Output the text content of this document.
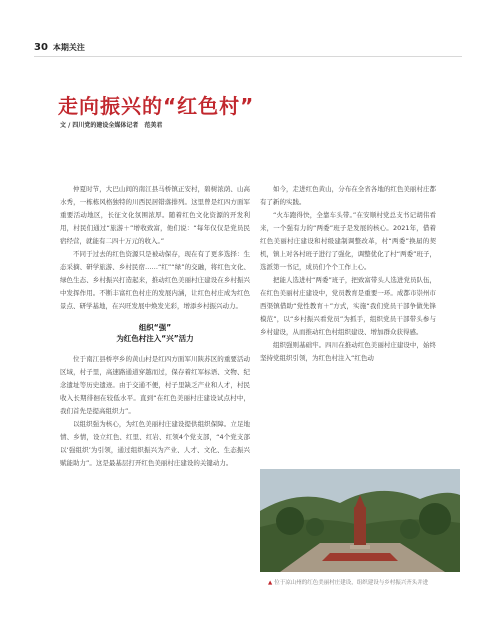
30 本期关注
走向振兴的“红色村”
文 / 四川党的建设全媒体记者　范美君

仲夏时节，大巴山间的南江县马桥镇正安村，碧树浓荫、山高水秀，一栋栋风格独特的川西民居错落排列。这里曾是红四方面军重要活动地区，长征文化氛围浓厚。随着红色文化资源的开发利用，村民们通过“旅游＋”增收致富，他们说：“每年仅仅是党员民宿经营，就能有二四十万元的收入。”

不同于过去的红色资源只是被动保存，现在有了更多选择：生态采摘、研学旅游、乡村民宿……“红”“绿”的交融，将红色文化、绿色生态、乡村振兴打造起来，推动红色美丽村庄建设在乡村振兴中发挥作用。不断丰富红色村庄的发展内涵，让红色村庄成为红色景点、研学基地，在兴旺发展中焕发光彩，增添乡村振兴动力。

组织“强”
为红色村注入“兴”活力

位于南江县桥亭乡的黄山村是红四方面军川陕苏区的重要活动区域，村子里，高速路通道穿越而过，保存着红军标语、文物、纪念遗址等历史遗迹。由于交通不便，村子里缺乏产业和人才，村民收入长期徘徊在较低水平。直到“在红色美丽村庄建设试点村中，我们首先是提高组织力”。

以组织强为核心，为红色美丽村庄建设提供组织保障。立足地情、乡情，设立红色、红里、红岩、红领4个党支部，“4个党支部以‘强组织’为引领，通过组织振兴为产业、人才、文化、生态振兴赋能助力”。这是最基层打开红色美丽村庄建设的关键动力。

如今，走进红色黄山，分布在全省各地的红色美丽村庄都有了新的实践。

“火车跑得快，全靠车头带。”在安顺村党总支书记胡伟看来，一个强有力的“两委”班子是发展的核心。2021年，借着红色美丽村庄建设和村级建制调整改革，村“两委”换届的契机，镇上对各村班子进行了强化，调整优化了村“两委”班子，选派第一书记，成员们个个工作上心。

把能人选进村“两委”班子，把致富带头人选进党员队伍，在红色美丽村庄建设中，党员教育是重要一环。成都市崇州市西渠镇借助“党性教育＋”方式，实施“我们党员干部争做先锋模范”，以“乡村振兴看党员”为抓手，组织党员干部带头参与乡村建设，从而推动红色村组织建设、增加群众获得感。

组织强则基础牢。四川在推动红色美丽村庄建设中，始终坚持党组织引领，为红色村注入“红色动

▲ 位于凉山州的红色美丽村庄建设，组织建设与乡村振兴齐头并进
